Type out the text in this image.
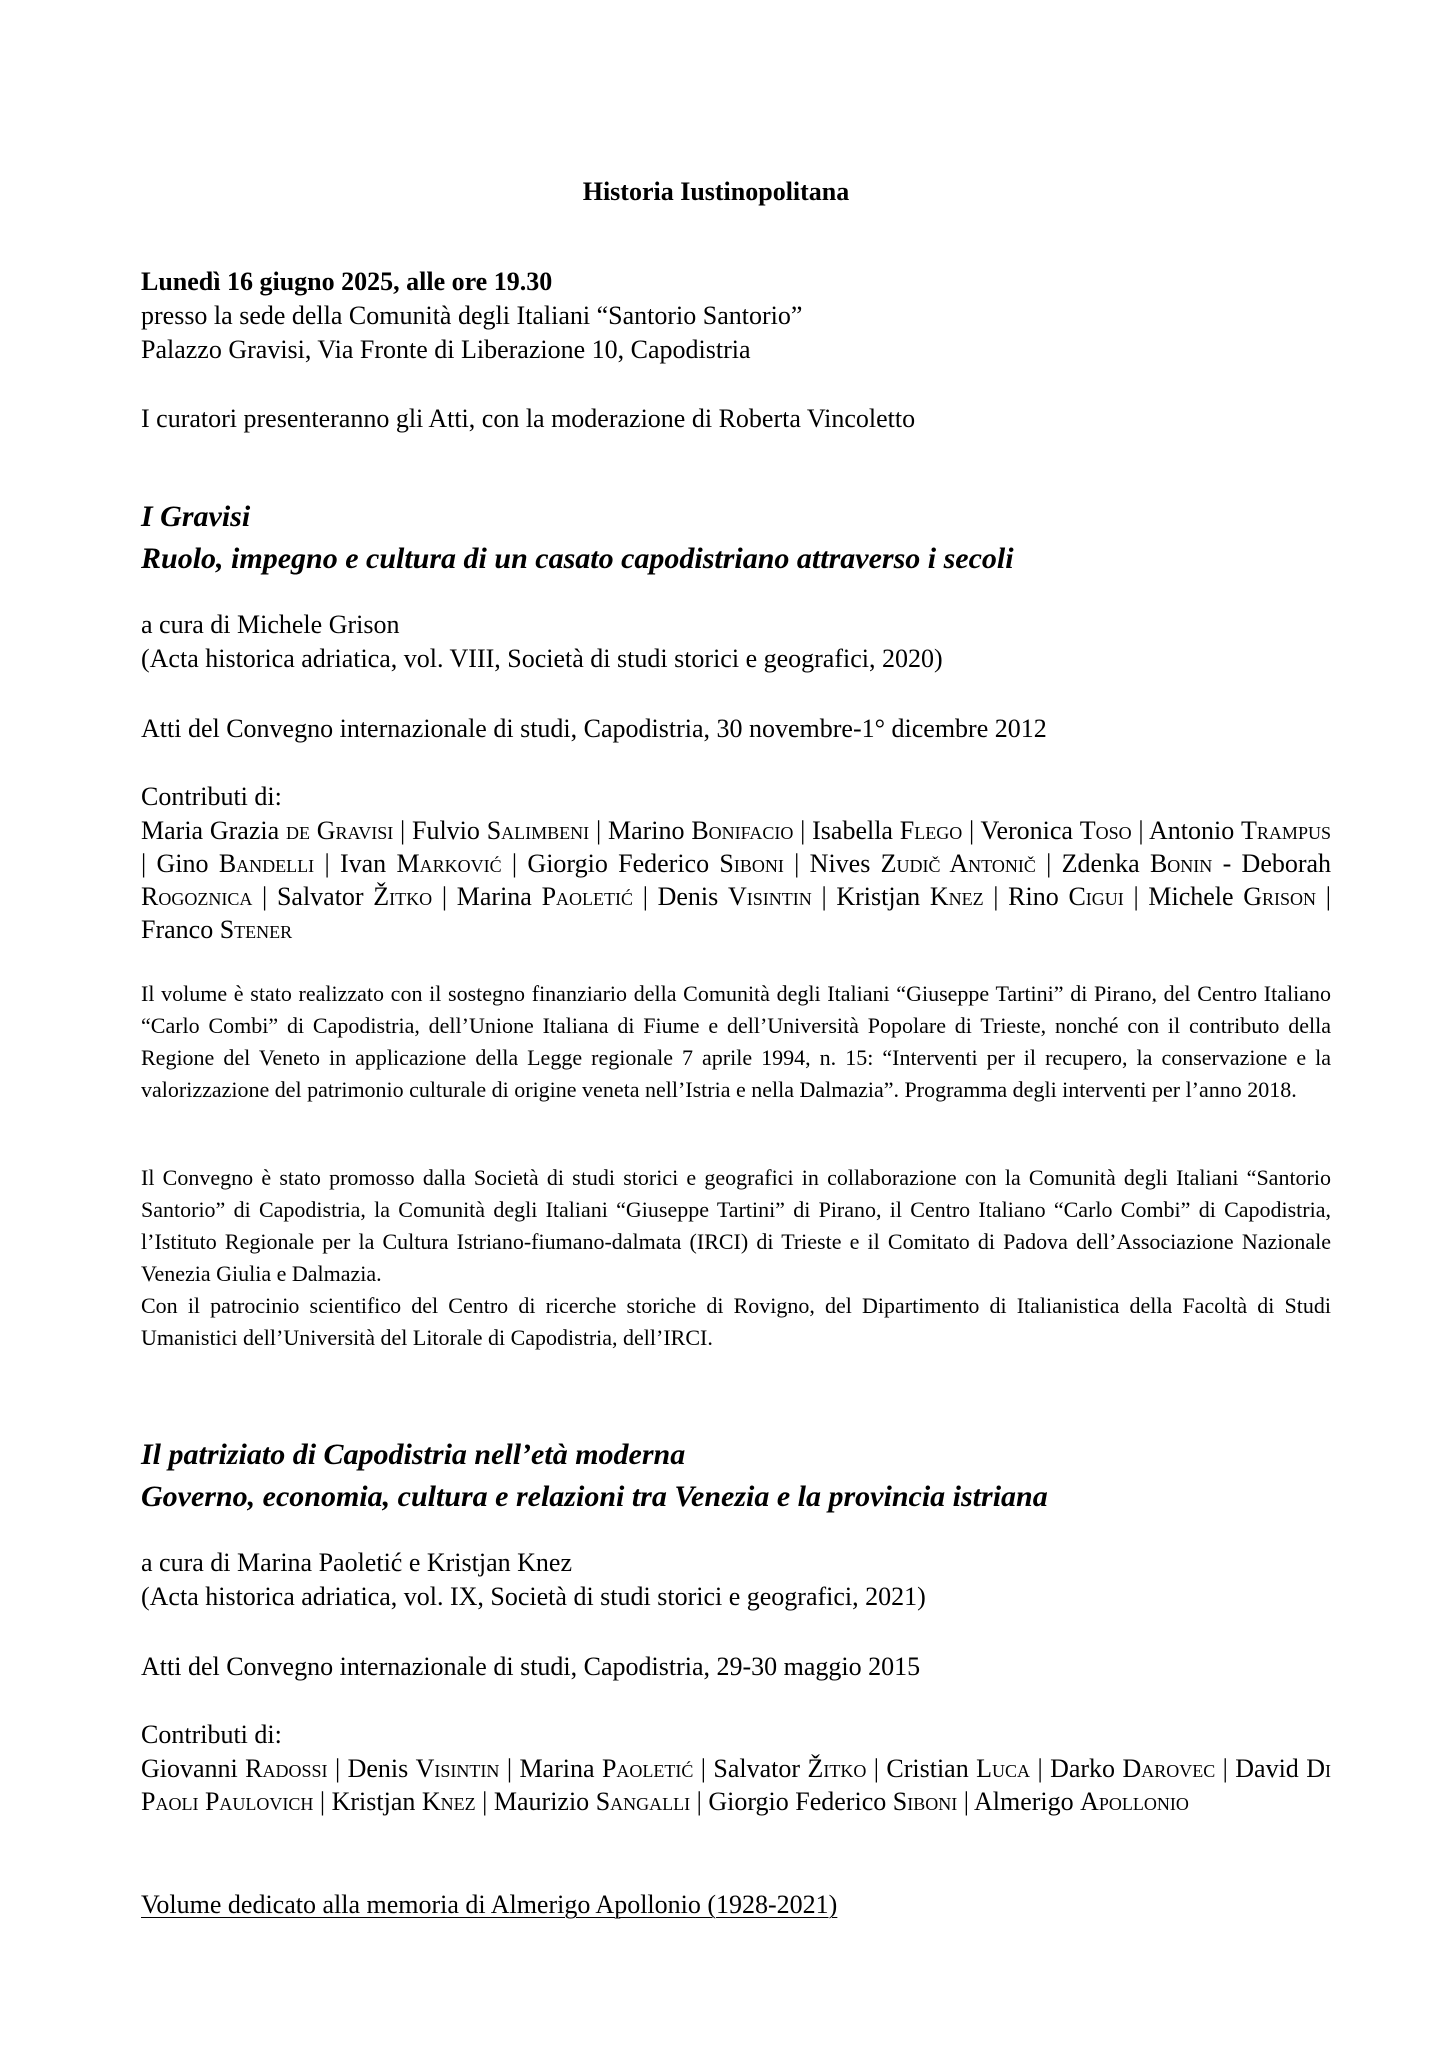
Historia Iustinopolitana
Lunedì 16 giugno 2025, alle ore 19.30
presso la sede della Comunità degli Italiani “Santorio Santorio”
Palazzo Gravisi, Via Fronte di Liberazione 10, Capodistria
I curatori presenteranno gli Atti, con la moderazione di Roberta Vincoletto
I Gravisi
Ruolo, impegno e cultura di un casato capodistriano attraverso i secoli
a cura di Michele Grison
(Acta historica adriatica, vol. VIII, Società di studi storici e geografici, 2020)
Atti del Convegno internazionale di studi, Capodistria, 30 novembre-1° dicembre 2012
Contributi di:
Maria Grazia de Gravisi | Fulvio Salimbeni | Marino Bonifacio | Isabella Flego | Veronica Toso | Antonio Trampus | Gino Bandelli | Ivan Marković | Giorgio Federico Siboni | Nives Zudič Antonič | Zdenka Bonin - Deborah Rogoznica | Salvator Žitko | Marina Paoletić | Denis Visintin | Kristjan Knez | Rino Cigui | Michele Grison | Franco Stener
Il volume è stato realizzato con il sostegno finanziario della Comunità degli Italiani “Giuseppe Tartini” di Pirano, del Centro Italiano “Carlo Combi” di Capodistria, dell’Unione Italiana di Fiume e dell’Università Popolare di Trieste, nonché con il contributo della Regione del Veneto in applicazione della Legge regionale 7 aprile 1994, n. 15: “Interventi per il recupero, la conservazione e la valorizzazione del patrimonio culturale di origine veneta nell’Istria e nella Dalmazia”. Programma degli interventi per l’anno 2018.
Il Convegno è stato promosso dalla Società di studi storici e geografici in collaborazione con la Comunità degli Italiani “Santorio Santorio” di Capodistria, la Comunità degli Italiani “Giuseppe Tartini” di Pirano, il Centro Italiano “Carlo Combi” di Capodistria, l’Istituto Regionale per la Cultura Istriano-fiumano-dalmata (IRCI) di Trieste e il Comitato di Padova dell’Associazione Nazionale Venezia Giulia e Dalmazia.
Con il patrocinio scientifico del Centro di ricerche storiche di Rovigno, del Dipartimento di Italianistica della Facoltà di Studi Umanistici dell’Università del Litorale di Capodistria, dell’IRCI.
Il patriziato di Capodistria nell’età moderna
Governo, economia, cultura e relazioni tra Venezia e la provincia istriana
a cura di Marina Paoletić e Kristjan Knez
(Acta historica adriatica, vol. IX, Società di studi storici e geografici, 2021)
Atti del Convegno internazionale di studi, Capodistria, 29-30 maggio 2015
Contributi di:
Giovanni Radossi | Denis Visintin | Marina Paoletić | Salvator Žitko | Cristian Luca | Darko Darovec | David Di Paoli Paulovich | Kristjan Knez | Maurizio Sangalli | Giorgio Federico Siboni | Almerigo Apollonio
Volume dedicato alla memoria di Almerigo Apollonio (1928-2021)
